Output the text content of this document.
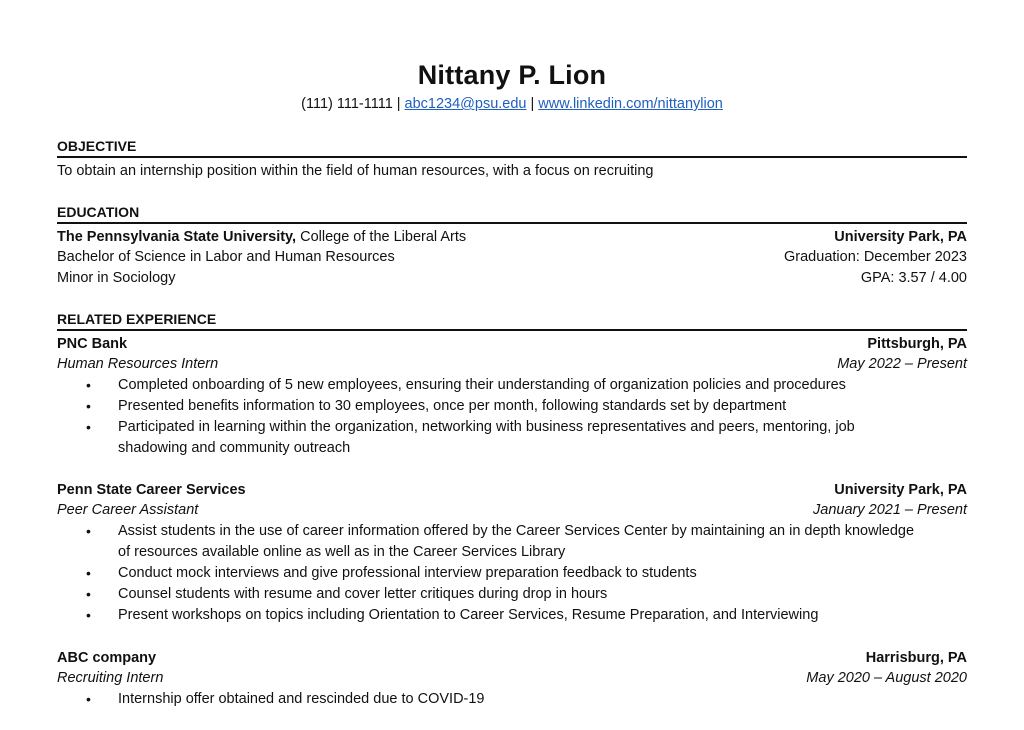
Nittany P. Lion
(111) 111-1111 | abc1234@psu.edu | www.linkedin.com/nittanylion
OBJECTIVE
To obtain an internship position within the field of human resources, with a focus on recruiting
EDUCATION
The Pennsylvania State University, College of the Liberal Arts	University Park, PA
Bachelor of Science in Labor and Human Resources	Graduation: December 2023
Minor in Sociology	GPA: 3.57 / 4.00
RELATED EXPERIENCE
PNC Bank	Pittsburgh, PA
Human Resources Intern	May 2022 – Present
• Completed onboarding of 5 new employees, ensuring their understanding of organization policies and procedures
• Presented benefits information to 30 employees, once per month, following standards set by department
• Participated in learning within the organization, networking with business representatives and peers, mentoring, job shadowing and community outreach
Penn State Career Services	University Park, PA
Peer Career Assistant	January 2021 – Present
• Assist students in the use of career information offered by the Career Services Center by maintaining an in depth knowledge of resources available online as well as in the Career Services Library
• Conduct mock interviews and give professional interview preparation feedback to students
• Counsel students with resume and cover letter critiques during drop in hours
• Present workshops on topics including Orientation to Career Services, Resume Preparation, and Interviewing
ABC company	Harrisburg, PA
Recruiting Intern	May 2020 – August 2020
• Internship offer obtained and rescinded due to COVID-19
